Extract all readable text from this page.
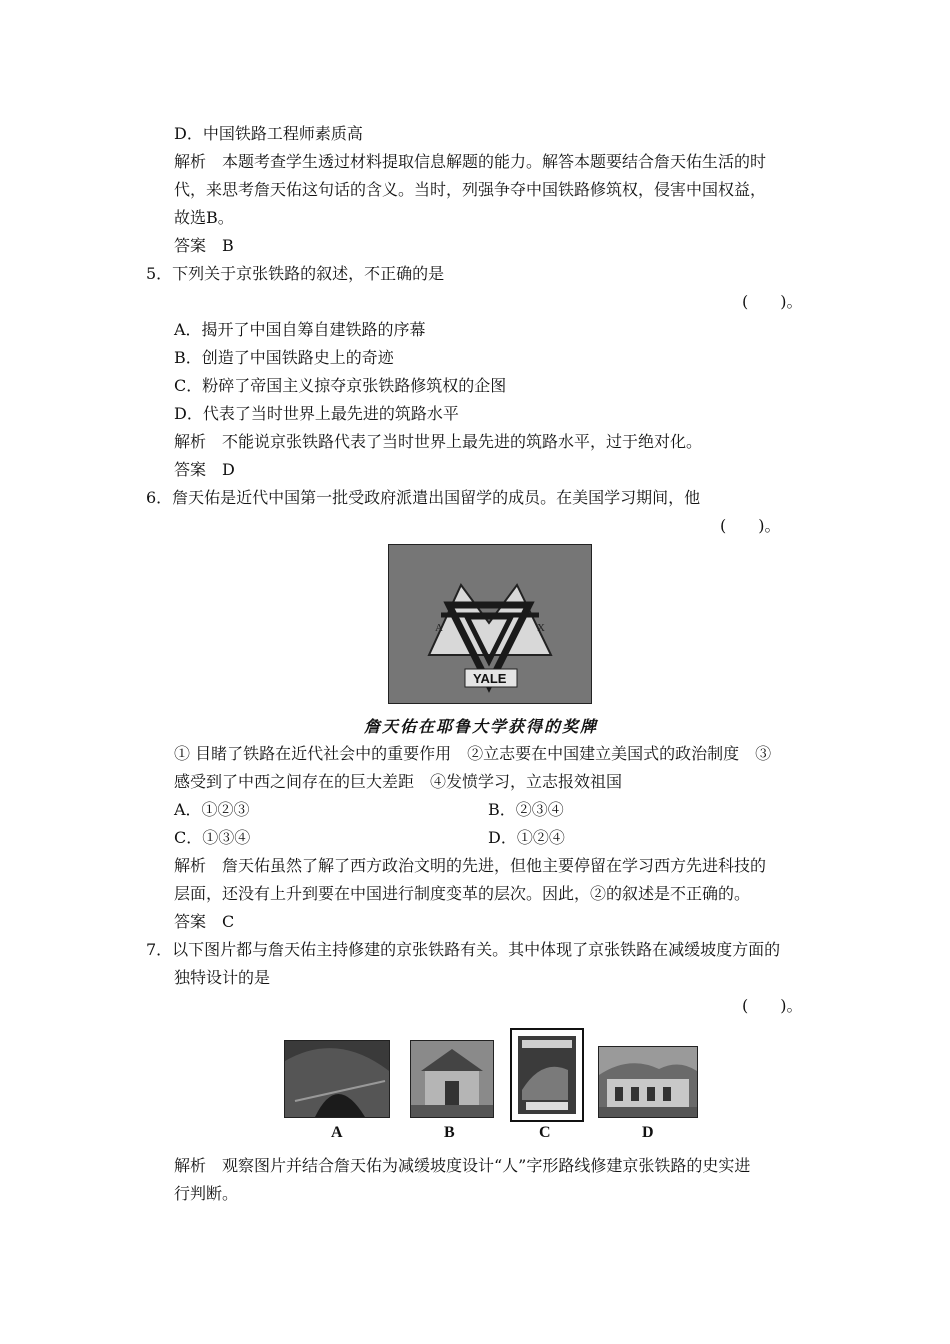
D．中国铁路工程师素质高
解析　本题考查学生透过材料提取信息解题的能力。解答本题要结合詹天佑生活的时
代，来思考詹天佑这句话的含义。当时，列强争夺中国铁路修筑权，侵害中国权益，
故选B。
答案　B
5．下列关于京张铁路的叙述，不正确的是
(　　)。
A．揭开了中国自筹自建铁路的序幕
B．创造了中国铁路史上的奇迹
C．粉碎了帝国主义掠夺京张铁路修筑权的企图
D．代表了当时世界上最先进的筑路水平
解析　不能说京张铁路代表了当时世界上最先进的筑路水平，过于绝对化。
答案　D
6．詹天佑是近代中国第一批受政府派遣出国留学的成员。在美国学习期间，他
(　　)。
A	X
YALE
詹天佑在耶鲁大学获得的奖牌
① 目睹了铁路在近代社会中的重要作用　②立志要在中国建立美国式的政治制度　③
感受到了中西之间存在的巨大差距　④发愤学习，立志报效祖国
A．①②③	B．②③④
C．①③④	D．①②④
解析　詹天佑虽然了解了西方政治文明的先进，但他主要停留在学习西方先进科技的
层面，还没有上升到要在中国进行制度变革的层次。因此，②的叙述是不正确的。
答案　C
7．以下图片都与詹天佑主持修建的京张铁路有关。其中体现了京张铁路在减缓坡度方面的
独特设计的是
(　　)。
A	B	C	D
解析　观察图片并结合詹天佑为减缓坡度设计“人”字形路线修建京张铁路的史实进
行判断。
